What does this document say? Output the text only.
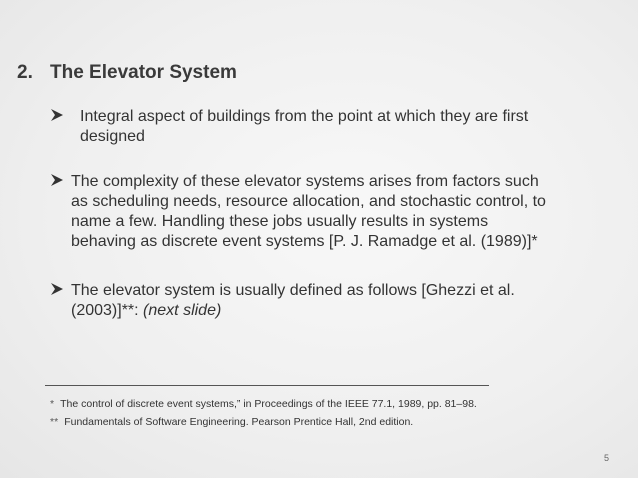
2. The Elevator System
Integral aspect of buildings from the point at which they are first
designed
The complexity of these elevator systems arises from factors such
as scheduling needs, resource allocation, and stochastic control, to
name a few. Handling these jobs usually results in systems
behaving as discrete event systems [P. J. Ramadge et al. (1989)]*
The elevator system is usually defined as follows [Ghezzi et al.
(2003)]**: (next slide)
* The control of discrete event systems,” in Proceedings of the IEEE 77.1, 1989, pp. 81–98.
** Fundamentals of Software Engineering. Pearson Prentice Hall, 2nd edition.
5
